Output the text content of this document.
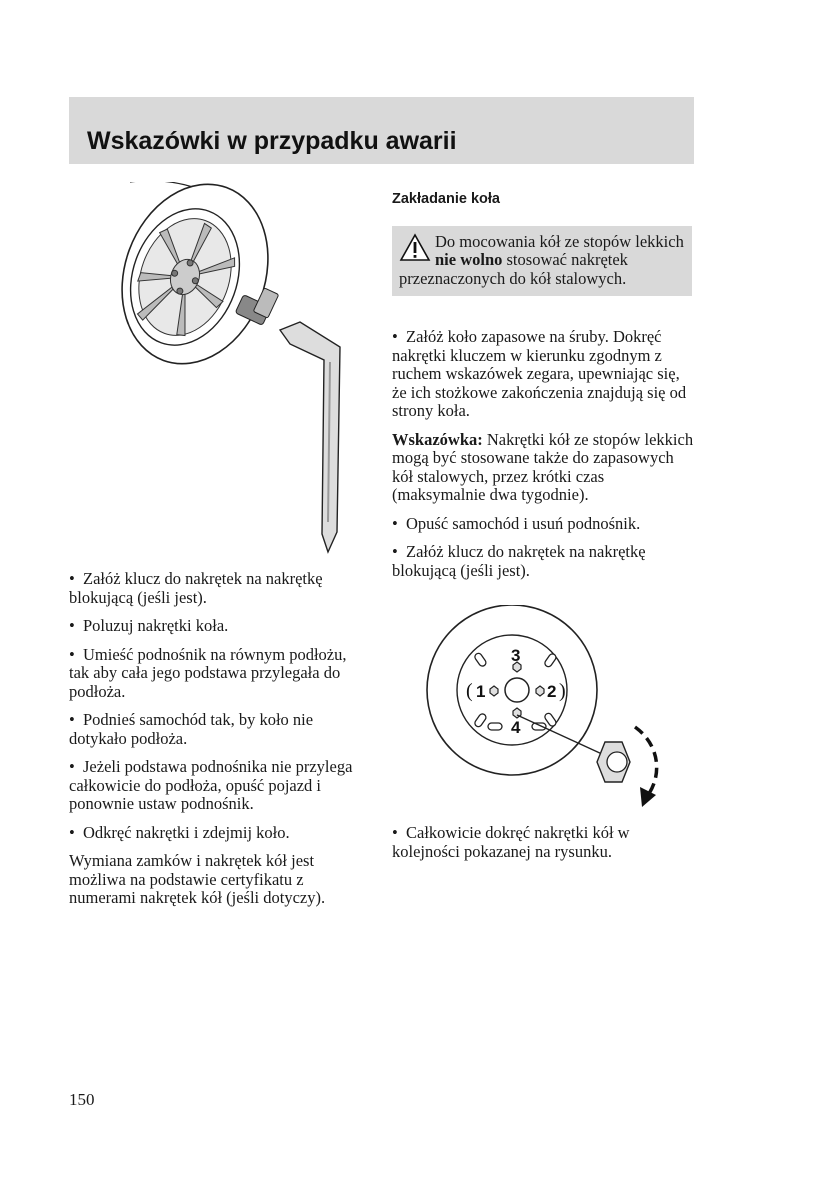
Wskazówki w przypadku awarii

• Załóż klucz do nakrętek na nakrętkę blokującą (jeśli jest).

• Poluzuj nakrętki koła.

• Umieść podnośnik na równym podłożu, tak aby cała jego podstawa przylegała do podłoża.

• Podnieś samochód tak, by koło nie dotykało podłoża.

• Jeżeli podstawa podnośnika nie przylega całkowicie do podłoża, opuść pojazd i ponownie ustaw podnośnik.

• Odkręć nakrętki i zdejmij koło.

Wymiana zamków i nakrętek kół jest możliwa na podstawie certyfikatu z numerami nakrętek kół (jeśli dotyczy).

Zakładanie koła

Do mocowania kół ze stopów lekkich nie wolno stosować nakrętek przeznaczonych do kół stalowych.

• Załóż koło zapasowe na śruby. Dokręć nakrętki kluczem w kierunku zgodnym z ruchem wskazówek zegara, upewniając się, że ich stożkowe zakończenia znajdują się od strony koła.

Wskazówka: Nakrętki kół ze stopów lekkich mogą być stosowane także do zapasowych kół stalowych, przez krótki czas (maksymalnie dwa tygodnie).

• Opuść samochód i usuń podnośnik.

• Załóż klucz do nakrętek na nakrętkę blokującą (jeśli jest).

1	2
3
4
(	)

• Całkowicie dokręć nakrętki kół w kolejności pokazanej na rysunku.

150
